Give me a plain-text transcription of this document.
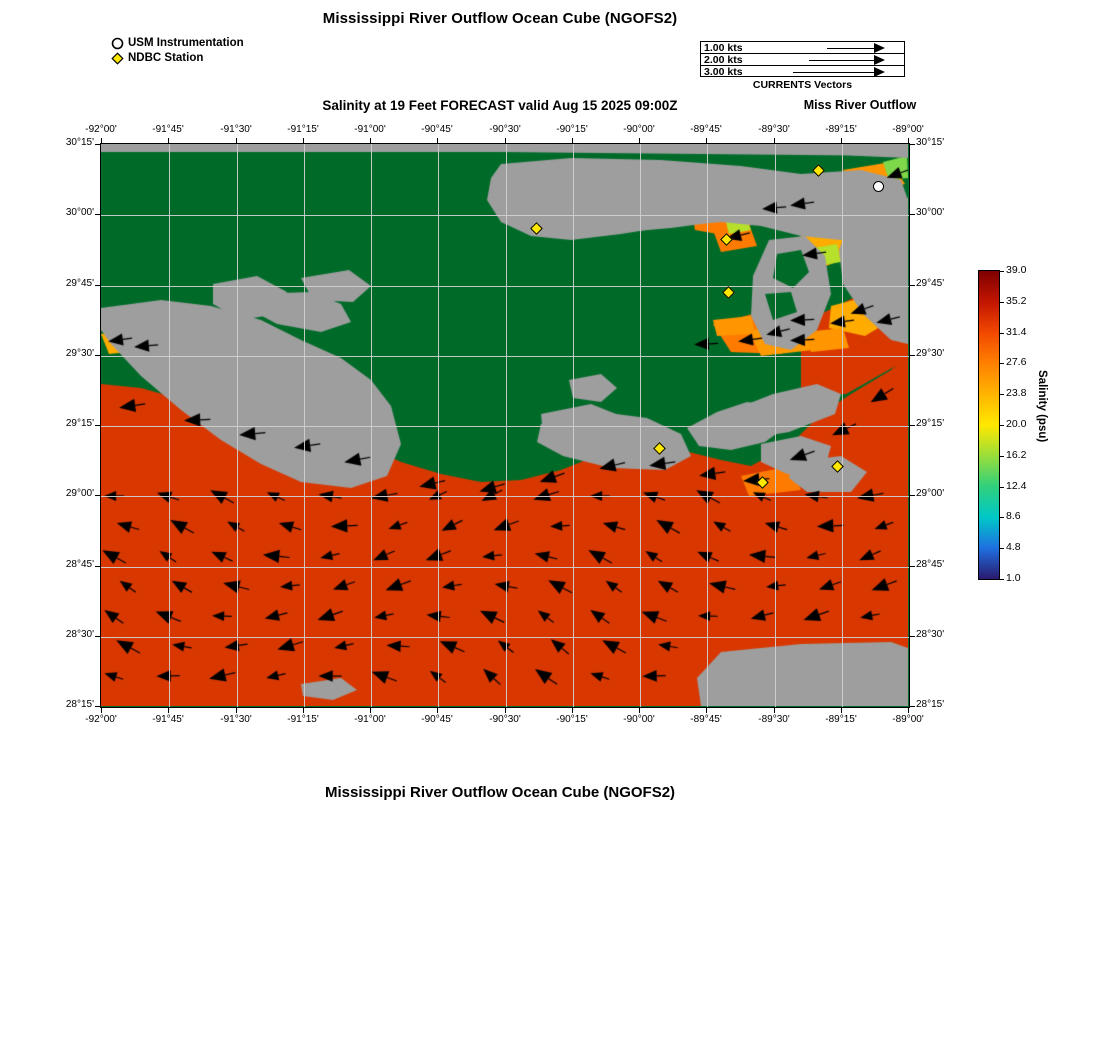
Mississippi River Outflow Ocean Cube (NGOFS2)
Salinity at 19 Feet FORECAST valid Aug 15 2025 09:00Z
Mississippi River Outflow Ocean Cube (NGOFS2)
Miss River Outflow
USM Instrumentation
NDBC Station
1.00 kts
2.00 kts
3.00 kts
CURRENTS Vectors
-92°00'
-92°00'
-91°45'
-91°45'
-91°30'
-91°30'
-91°15'
-91°15'
-91°00'
-91°00'
-90°45'
-90°45'
-90°30'
-90°30'
-90°15'
-90°15'
-90°00'
-90°00'
-89°45'
-89°45'
-89°30'
-89°30'
-89°15'
-89°15'
-89°00'
-89°00'
30°15'	30°15'
30°00'	30°00'
29°45'	29°45'
29°30'	29°30'
29°15'	29°15'
29°00'	29°00'
28°45'	28°45'
28°30'	28°30'
28°15'	28°15'
39.0
35.2
31.4
27.6
23.8
20.0
16.2
12.4
8.6
4.8
1.0
Salinity (psu)
